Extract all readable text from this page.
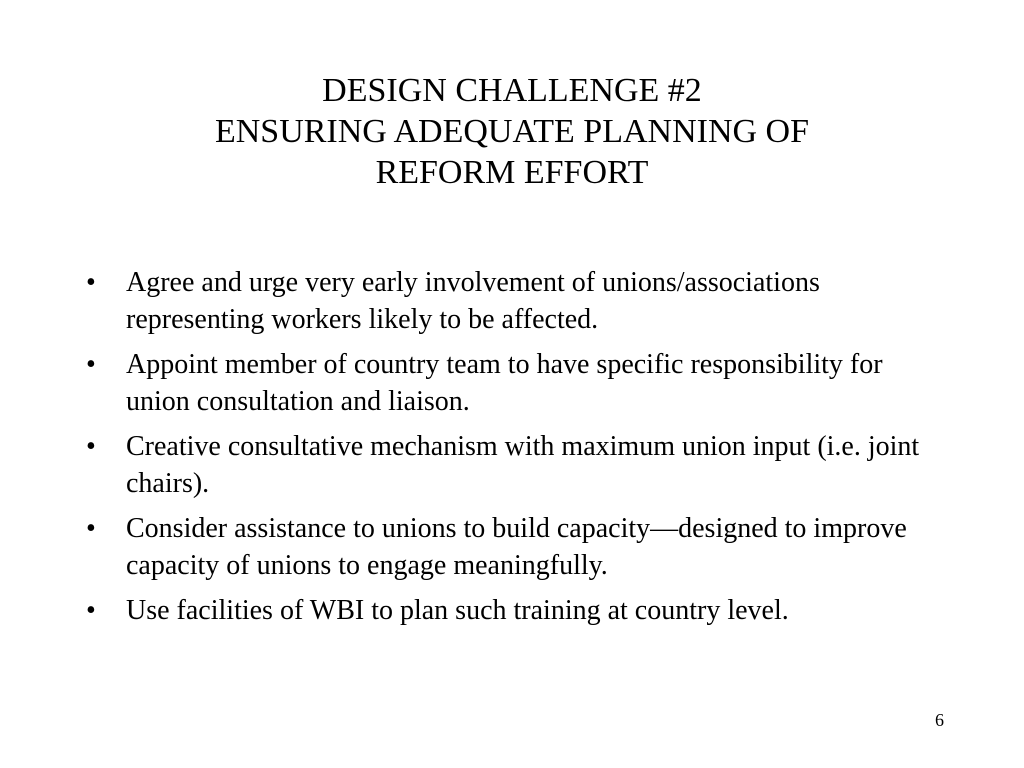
DESIGN CHALLENGE #2
ENSURING ADEQUATE PLANNING OF
REFORM EFFORT
•	Agree and urge very early involvement of unions/associations representing workers likely to be affected.
•	Appoint member of country team to have specific responsibility for union consultation and liaison.
•	Creative consultative mechanism with maximum union input (i.e. joint chairs).
•	Consider assistance to unions to build capacity—designed to improve capacity of unions to engage meaningfully.
•	Use facilities of WBI to plan such training at country level.
6
